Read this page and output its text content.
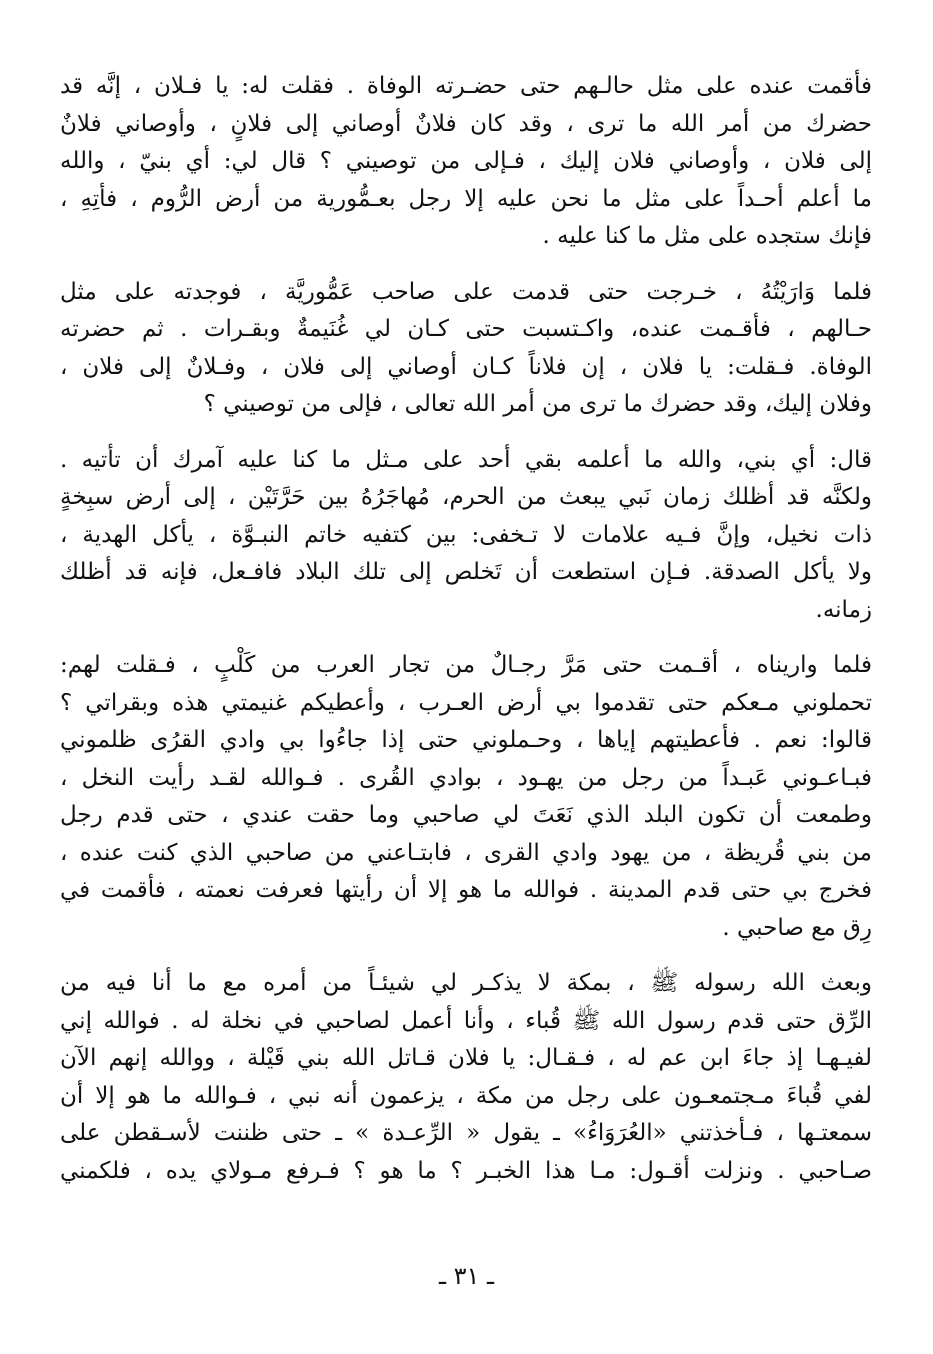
فأقمت عنده على مثل حالـهم حتى حضـرته الوفاة . فقلت له: يا فـلان ، إنَّه قد
حضرك من أمر الله ما ترى ، وقد كان فلانٌ أوصاني إلى فلانٍ ، وأوصاني فلانٌ
إلى فلان ، وأوصاني فلان إليك ، فـإلى من توصيني ؟ قال لي: أي بنيّ ، والله
ما أعلم أحـداً على مثل ما نحن عليه إلا رجل بعـمُّورية من أرض الرُّوم ، فأتِهِ ،
فإنك ستجده على مثل ما كنا عليه .
فلما وَارَيْتُهُ ، خـرجت حتى قدمت على صاحب عَمُّوريَّة ، فوجدته على مثل
حـالهم ، فأقـمت عنده، واكـتسبت حتى كـان لي غُنَيمةٌ وبقـرات . ثم حضرته
الوفاة. فـقلت: يا فلان ، إن فلاناً كـان أوصاني إلى فلان ، وفـلانٌ إلى فلان ،
وفلان إليك، وقد حضرك ما ترى من أمر الله تعالى ، فإلى من توصيني ؟
قال: أي بني، والله ما أعلمه بقي أحد على مـثل ما كنا عليه آمرك أن تأتيه .
ولكنَّه قد أظلك زمان نَبي يبعث من الحرم، مُهاجَرُهُ بين حَرَّتَيْن ، إلى أرض سبِخةٍ
ذات نخيل، وإنَّ فـيه علامات لا تـخفى: بين كتفيه خاتم النبـوَّة ، يأكل الهدية ،
ولا يأكل الصدقة. فـإن استطعت أن تَخلص إلى تلك البلاد فافـعل، فإنه قد أظلك
زمانه.
فلما واريناه ، أقـمت حتى مَرَّ رجـالٌ من تجار العرب من كَلْبٍ ، فـقلت لهم:
تحملوني مـعكم حتى تقدموا بي أرض العـرب ، وأعطيكم غنيمتي هذه وبقراتي ؟
قالوا: نعم . فأعطيتهم إياها ، وحـملوني حتى إذا جاءُوا بي وادي القرُى ظلموني
فبـاعـوني عَبـداً من رجل من يهـود ، بوادي القُرى . فـوالله لقـد رأيت النخل ،
وطمعت أن تكون البلد الذي نَعَتَ لي صاحبي وما حقت عندي ، حتى قدم رجل
من بني قُريظة ، من يهود وادي القرى ، فابتـاعني من صاحبي الذي كنت عنده ،
فخرج بي حتى قدم المدينة . فوالله ما هو إلا أن رأيتها فعرفت نعمته ، فأقمت في
رِق مع صاحبي .
وبعث الله رسوله ﷺ ، بمكة لا يذكـر لي شيئـاً من أمره مع ما أنا فيه من
الرِّق حتى قدم رسول الله ﷺ قُباء ، وأنا أعمل لصاحبي في نخلة له . فوالله إني
لفيـهـا إذ جاءَ ابن عم له ، فـقـال: يا فلان قـاتل الله بني قَيْلة ، ووالله إنهم الآن
لفي قُباءَ مـجتمعـون على رجل من مكة ، يزعمون أنه نبي ، فـوالله ما هو إلا أن
سمعتـها ، فـأخذتني «العُرَوَاءُ» ـ يقول « الرِّعـدة » ـ حتى ظننت لأسـقطن على
صـاحبي . ونزلت أقـول: مـا هذا الخبـر ؟ ما هو ؟ فـرفع مـولاي يده ، فلكمني
ـ ٣١ ـ
